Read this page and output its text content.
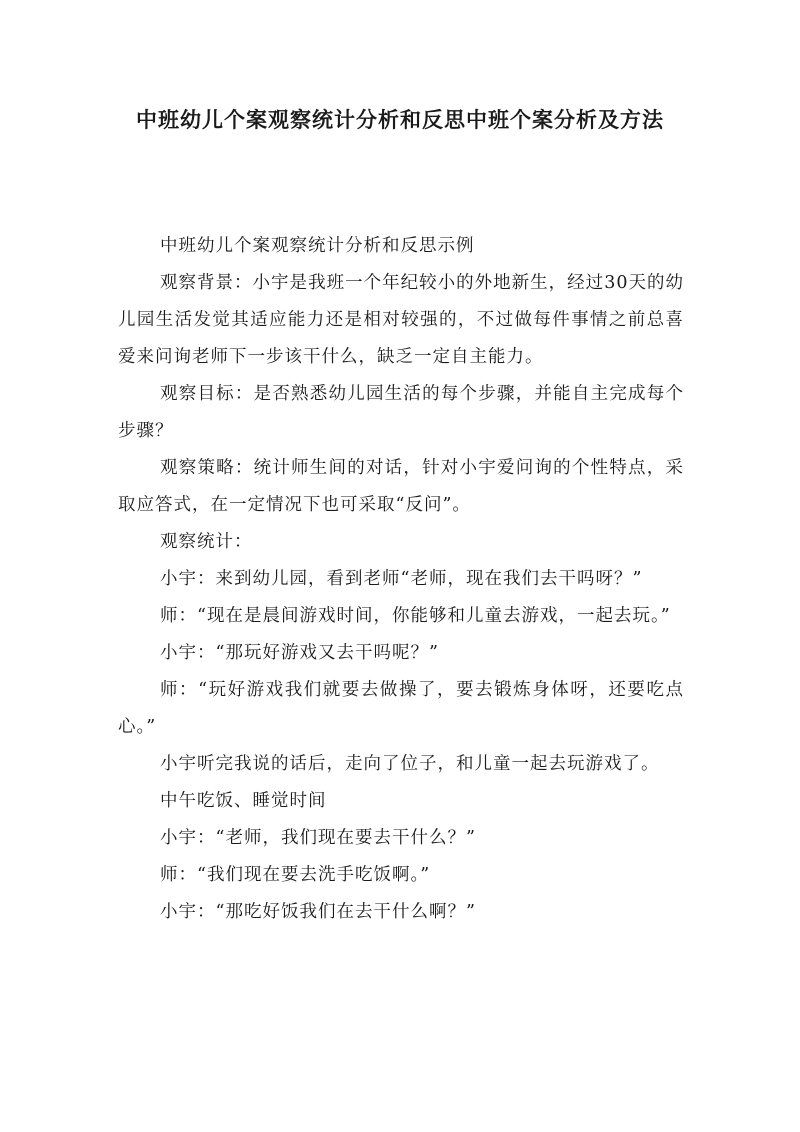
中班幼儿个案观察统计分析和反思中班个案分析及方法

中班幼儿个案观察统计分析和反思示例

观察背景：小宇是我班一个年纪较小的外地新生，经过30天的幼儿园生活发觉其适应能力还是相对较强的，不过做每件事情之前总喜爱来问询老师下一步该干什么，缺乏一定自主能力。

观察目标：是否熟悉幼儿园生活的每个步骤，并能自主完成每个步骤？

观察策略：统计师生间的对话，针对小宇爱问询的个性特点，采取应答式，在一定情况下也可采取“反问”。

观察统计：

小宇：来到幼儿园，看到老师“老师，现在我们去干吗呀？”

师：“现在是晨间游戏时间，你能够和儿童去游戏，一起去玩。”

小宇：“那玩好游戏又去干吗呢？”

师：“玩好游戏我们就要去做操了，要去锻炼身体呀，还要吃点心。”

小宇听完我说的话后，走向了位子，和儿童一起去玩游戏了。

中午吃饭、睡觉时间

小宇：“老师，我们现在要去干什么？”

师：“我们现在要去洗手吃饭啊。”

小宇：“那吃好饭我们在去干什么啊？”
